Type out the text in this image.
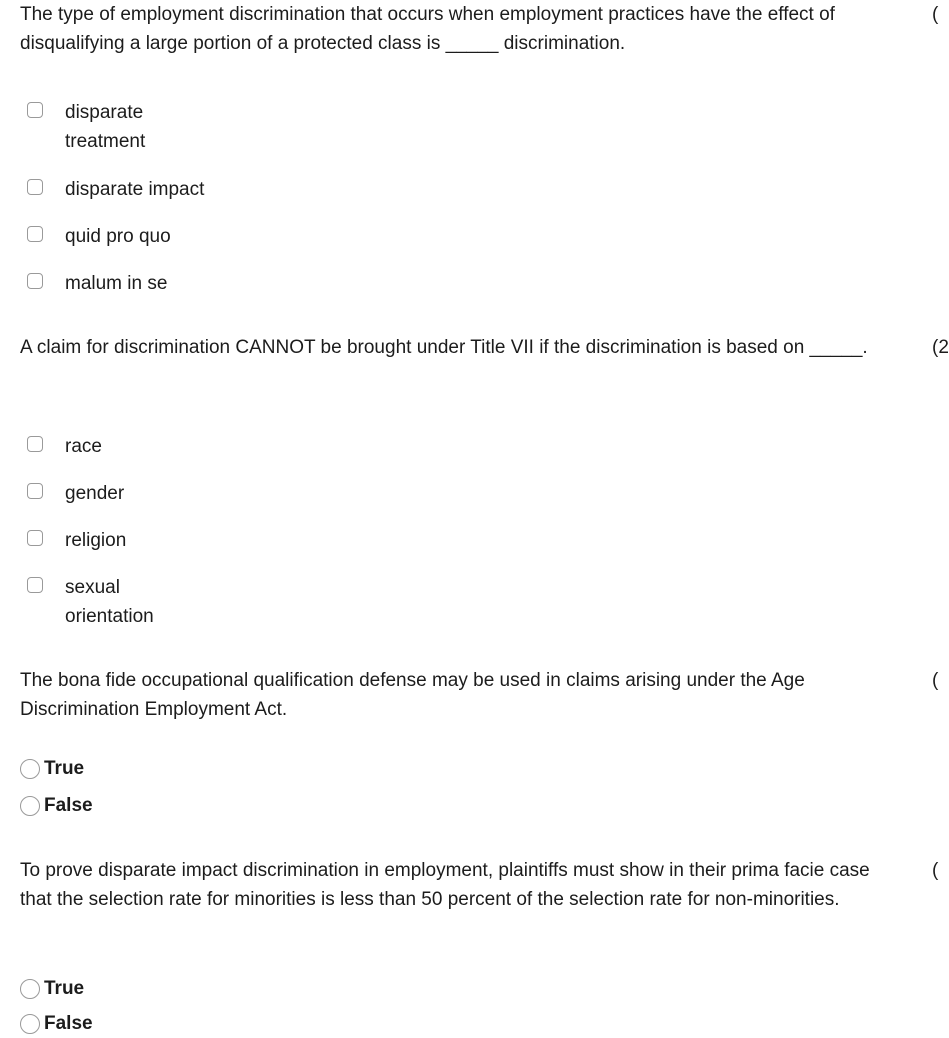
The type of employment discrimination that occurs when employment practices have the effect of disqualifying a large portion of a protected class is _____ discrimination.
(
disparate treatment
disparate impact
quid pro quo
malum in se
A claim for discrimination CANNOT be brought under Title VII if the discrimination is based on _____.	(2
race
gender
religion
sexual orientation
The bona fide occupational qualification defense may be used in claims arising under the Age Discrimination Employment Act.
(
True
False
To prove disparate impact discrimination in employment, plaintiffs must show in their prima facie case that the selection rate for minorities is less than 50 percent of the selection rate for non-minorities.
(
True
False
